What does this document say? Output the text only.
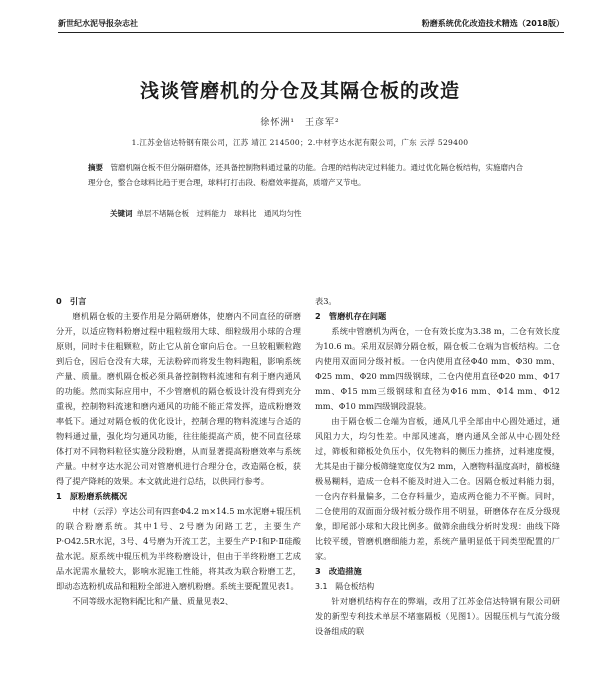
新世纪水泥导报杂志社	粉磨系统优化改造技术精选（2018版）
浅谈管磨机的分仓及其隔仓板的改造
徐怀洲¹　王彦军²
1.江苏金信达特钢有限公司，江苏 靖江 214500；2.中材亨达水泥有限公司，广东 云浮 529400
摘要　 管磨机隔仓板不但分隔研磨体，还具备控制物料通过量的功能。合理的结构决定过料能力。通过优化隔仓板结构，实施磨内合理分仓，整合仓球料比趋于更合理，球料打打击段、粉磨效率提高，质增产又节电。
关键词 单层不堵隔仓板　过料能力　球料比　通风均匀性
0　引言

磨机隔仓板的主要作用是分隔研磨体，使磨内不同直径的研磨分开，以适应物料粉磨过程中粗粒级用大球、细粒级用小球的合理原则，同时卡住粗颗粒，防止它从前仓窜向后仓。一旦较粗颗粒跑到后仓，因后仓没有大球，无法粉碎而将发生物料跑粗，影响系统产量、质量。磨机隔仓板必须具备控制物料流速和有利于磨内通风的功能。然而实际应用中，不少管磨机的隔仓板设计没有得到充分重视，控制物料流速和磨内通风的功能不能正常发挥，造成粉磨效率低下。通过对隔仓板的优化设计，控制合理的物料流速与合适的物料通过量，强化均匀通风功能，往往能提高产质，使不同直径球体打对不同物料粒径实施分段粉磨，从而显著提高粉磨效率与系统产量。中材亨达水泥公司对管磨机进行合理分仓，改造隔仓板，获得了提产降耗的效果。本文就此进行总结，以供同行参考。

1　原粉磨系统概况

中材（云浮）亨达公司有四套Φ4.2 m×14.5 m水泥磨+辊压机的联合粉磨系统。其中1号、2号磨为闭路工艺，主要生产P·O42.5R水泥，3号、4号磨为开流工艺，主要生产P·Ⅰ和P·Ⅱ硅酸盐水泥。原系统中辊压机为半终粉磨设计，但由于半终粉磨工艺成品水泥需水量较大，影响水泥施工性能，将其改为联合粉磨工艺，即动态选粉机成品和粗粉全部进入磨机粉磨。系统主要配置见表1。

不同等级水泥物料配比和产量、质量见表2、

表3。

2　管磨机存在问题

系统中管磨机为两仓，一仓有效长度为3.38 m，二仓有效长度为10.6 m。采用双层筛分隔仓板，隔仓板二仓端为盲板结构。二仓内使用双面同分级衬板。一仓内使用直径Φ40 mm、Φ30 mm、Φ25 mm、Φ20 mm四级钢球，二仓内使用直径Φ20 mm、Φ17 mm、Φ15 mm三级钢球和直径为Φ16 mm、Φ14 mm、Φ12 mm、Φ10 mm四级钢段混装。

由于隔仓板二仓端为盲板，通风几乎全部由中心圆处通过，通风阻力大，均匀性差。中部风速高，磨内通风全部从中心圆处经过，筛板和筛板处负压小，仅先物料的侧压力推挤，过料速度慢，尤其是由于篩分板筛缝宽度仅为2 mm，入磨物料温度高时，篩板缝极易糊料，造成一仓料不能及时进入二仓。因隔仓板过料能力弱，一仓内存料量偏多，二仓存料量少，造成两仓能力不平衡。同时，二仓使用的双面面分级衬板分级作用不明显，研磨体存在反分级现象，即尾部小球和大段比例多。做筛余曲线分析时发现：曲线下降比较平缓，管磨机磨细能力差，系统产量明显低于同类型配置的厂家。

3　改造措施
3.1　隔仓板结构

针对磨机结构存在的弊端，改用了江苏金信达特钢有限公司研发的新型专利技术单层不堵塞隔板（见图1）。因辊压机与气流分级设备组成的联
